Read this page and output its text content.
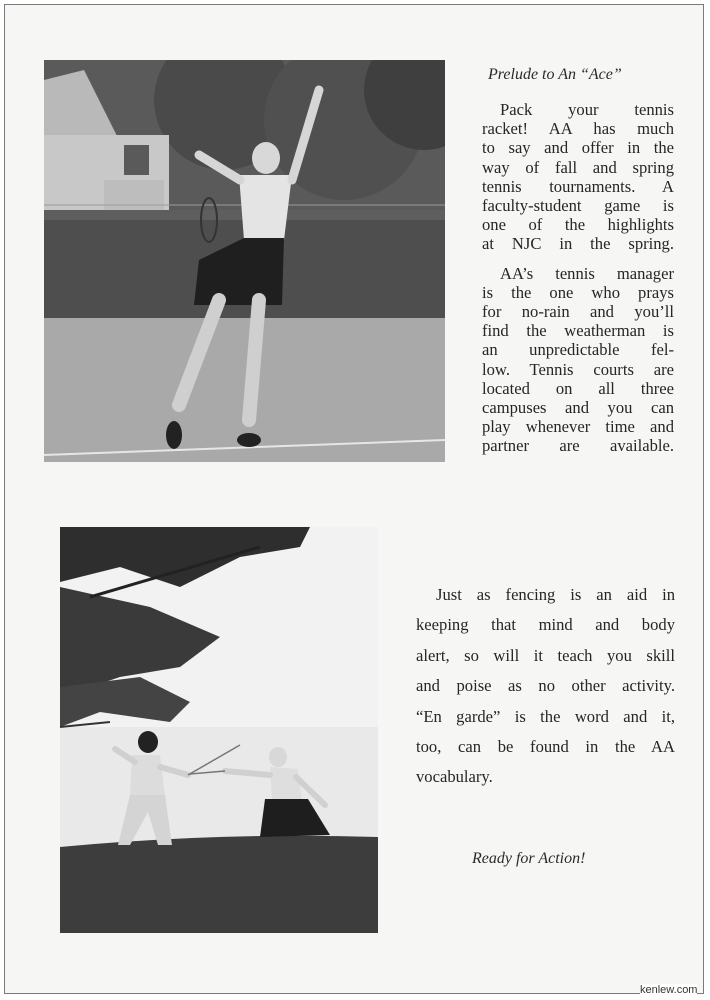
Prelude to An “Ace”

Pack your tennis
racket! AA has much
to say and offer in the
way of fall and spring
tennis tournaments. A
faculty-student game is
one of the highlights
at NJC in the spring.

AA’s tennis manager
is the one who prays
for no-rain and you’ll
find the weatherman is
an unpredictable fel-
low. Tennis courts are
located on all three
campuses and you can
play whenever time and
partner are available.

Just as fencing is an aid in
keeping that mind and body
alert, so will it teach you skill
and poise as no other activity.
“En garde” is the word and it,
too, can be found in the AA
vocabulary.

Ready for Action!
kenlew.com
